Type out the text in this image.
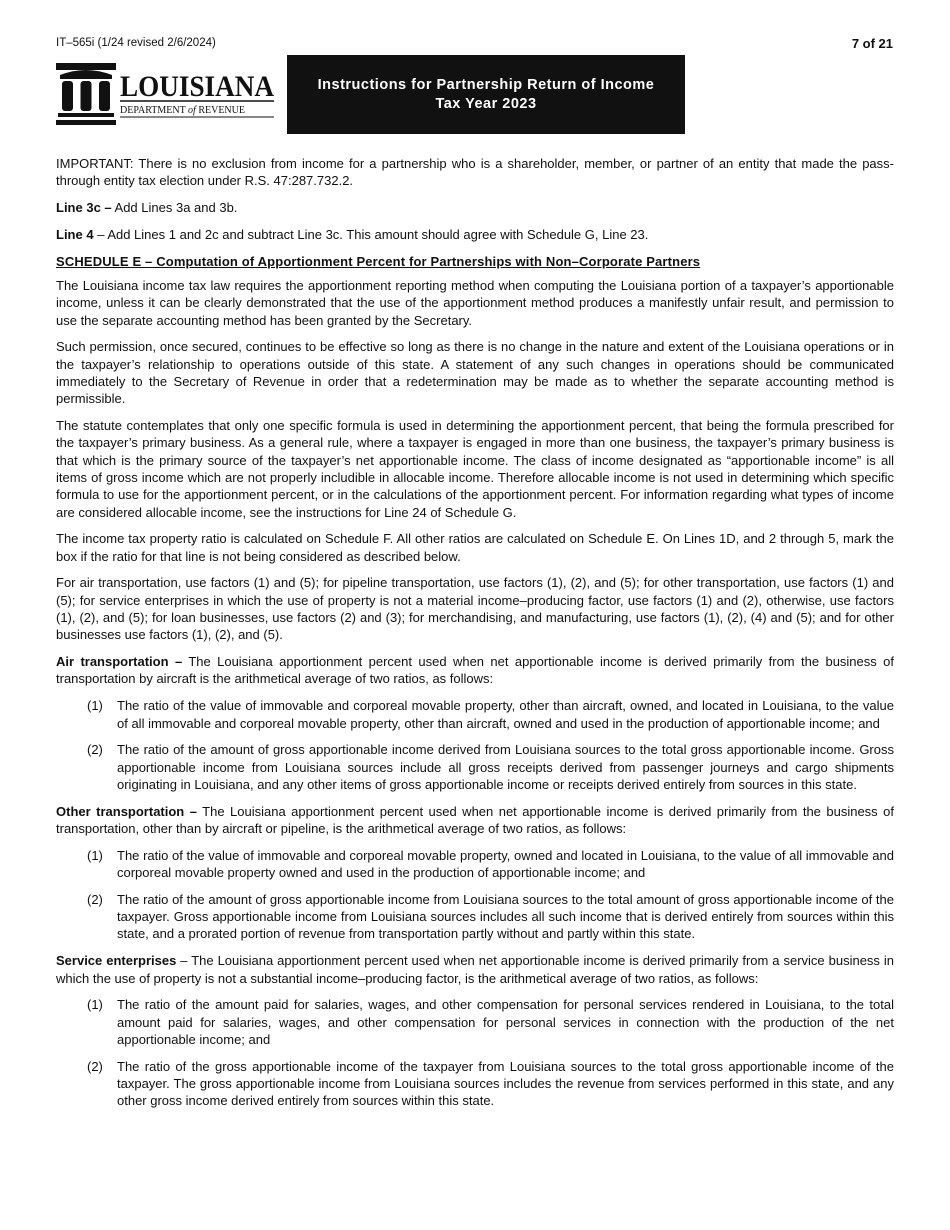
IT–565i (1/24 revised 2/6/2024)	7 of 21
LOUISIANA
DEPARTMENT of REVENUE
Instructions for Partnership Return of Income
Tax Year 2023

IMPORTANT: There is no exclusion from income for a partnership who is a shareholder, member, or partner of an entity that made the pass-through entity tax election under R.S. 47:287.732.2.

Line 3c – Add Lines 3a and 3b.

Line 4 – Add Lines 1 and 2c and subtract Line 3c. This amount should agree with Schedule G, Line 23.

SCHEDULE E – Computation of Apportionment Percent for Partnerships with Non–Corporate Partners

The Louisiana income tax law requires the apportionment reporting method when computing the Louisiana portion of a taxpayer’s apportionable income, unless it can be clearly demonstrated that the use of the apportionment method produces a manifestly unfair result, and permission to use the separate accounting method has been granted by the Secretary.

Such permission, once secured, continues to be effective so long as there is no change in the nature and extent of the Louisiana operations or in the taxpayer’s relationship to operations outside of this state. A statement of any such changes in operations should be communicated immediately to the Secretary of Revenue in order that a redetermination may be made as to whether the separate accounting method is permissible.

The statute contemplates that only one specific formula is used in determining the apportionment percent, that being the formula prescribed for the taxpayer’s primary business. As a general rule, where a taxpayer is engaged in more than one business, the taxpayer’s primary business is that which is the primary source of the taxpayer’s net apportionable income. The class of income designated as “apportionable income” is all items of gross income which are not properly includible in allocable income. Therefore allocable income is not used in determining which specific formula to use for the apportionment percent, or in the calculations of the apportionment percent. For information regarding what types of income are considered allocable income, see the instructions for Line 24 of Schedule G.

The income tax property ratio is calculated on Schedule F. All other ratios are calculated on Schedule E. On Lines 1D, and 2 through 5, mark the box if the ratio for that line is not being considered as described below.

For air transportation, use factors (1) and (5); for pipeline transportation, use factors (1), (2), and (5); for other transportation, use factors (1) and (5); for service enterprises in which the use of property is not a material income–producing factor, use factors (1) and (2), otherwise, use factors (1), (2), and (5); for loan businesses, use factors (2) and (3); for merchandising, and manufacturing, use factors (1), (2), (4) and (5); and for other businesses use factors (1), (2), and (5).

Air transportation – The Louisiana apportionment percent used when net apportionable income is derived primarily from the business of transportation by aircraft is the arithmetical average of two ratios, as follows:

(1)	The ratio of the value of immovable and corporeal movable property, other than aircraft, owned, and located in Louisiana, to the value of all immovable and corporeal movable property, other than aircraft, owned and used in the production of apportionable income; and
(2)	The ratio of the amount of gross apportionable income derived from Louisiana sources to the total gross apportionable income. Gross apportionable income from Louisiana sources include all gross receipts derived from passenger journeys and cargo shipments originating in Louisiana, and any other items of gross apportionable income or receipts derived entirely from sources in this state.

Other transportation – The Louisiana apportionment percent used when net apportionable income is derived primarily from the business of transportation, other than by aircraft or pipeline, is the arithmetical average of two ratios, as follows:

(1)	The ratio of the value of immovable and corporeal movable property, owned and located in Louisiana, to the value of all immovable and corporeal movable property owned and used in the production of apportionable income; and
(2)	The ratio of the amount of gross apportionable income from Louisiana sources to the total amount of gross apportionable income of the taxpayer. Gross apportionable income from Louisiana sources includes all such income that is derived entirely from sources within this state, and a prorated portion of revenue from transportation partly without and partly within this state.

Service enterprises – The Louisiana apportionment percent used when net apportionable income is derived primarily from a service business in which the use of property is not a substantial income–producing factor, is the arithmetical average of two ratios, as follows:

(1)	The ratio of the amount paid for salaries, wages, and other compensation for personal services rendered in Louisiana, to the total amount paid for salaries, wages, and other compensation for personal services in connection with the production of the net apportionable income; and
(2)	The ratio of the gross apportionable income of the taxpayer from Louisiana sources to the total gross apportionable income of the taxpayer. The gross apportionable income from Louisiana sources includes the revenue from services performed in this state, and any other gross income derived entirely from sources within this state.
